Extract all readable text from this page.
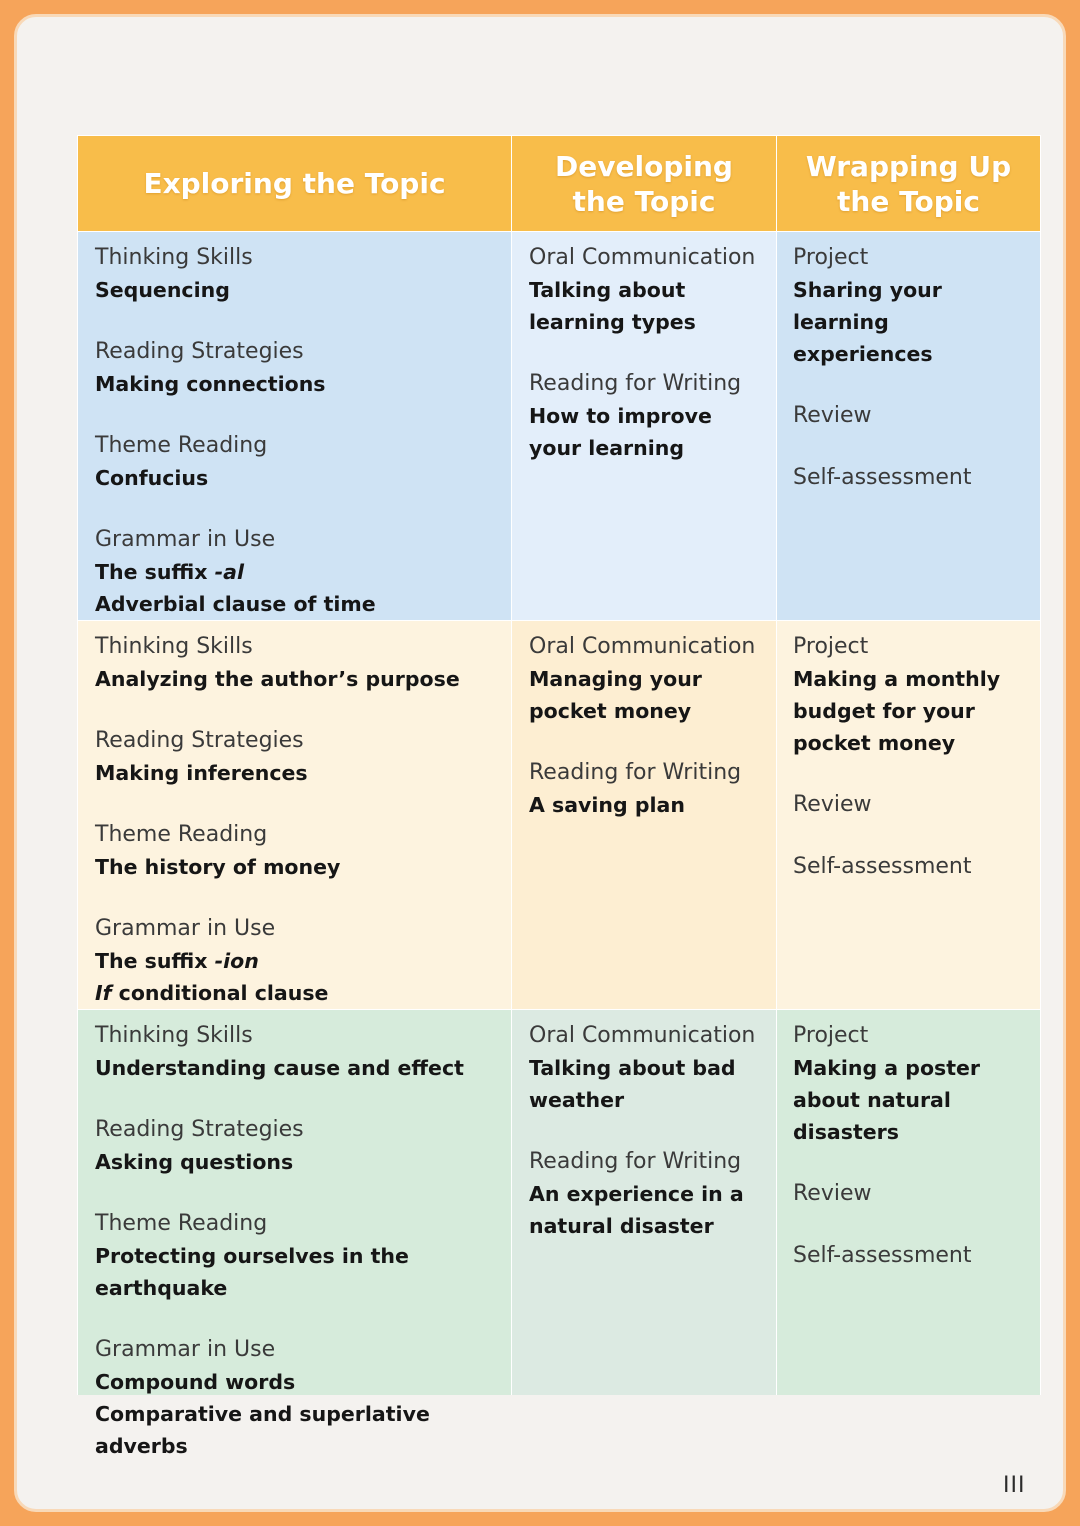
Exploring the Topic
Developing
the Topic
Wrapping Up
the Topic
Thinking Skills
Sequencing
Reading Strategies
Making connections
Theme Reading
Confucius
Grammar in Use
The suffix -al
Adverbial clause of time
Oral Communication
Talking about learning types
Reading for Writing
How to improve your learning
Project
Sharing your learning experiences
Review
Self-assessment
Thinking Skills
Analyzing the author’s purpose
Reading Strategies
Making inferences
Theme Reading
The history of money
Grammar in Use
The suffix -ion
If conditional clause
Oral Communication
Managing your pocket money
Reading for Writing
A saving plan
Project
Making a monthly budget for your pocket money
Review
Self-assessment
Thinking Skills
Understanding cause and effect
Reading Strategies
Asking questions
Theme Reading
Protecting ourselves in the earthquake
Grammar in Use
Compound words
Comparative and superlative adverbs
Oral Communication
Talking about bad weather
Reading for Writing
An experience in a natural disaster
Project
Making a poster about natural disasters
Review
Self-assessment
III
